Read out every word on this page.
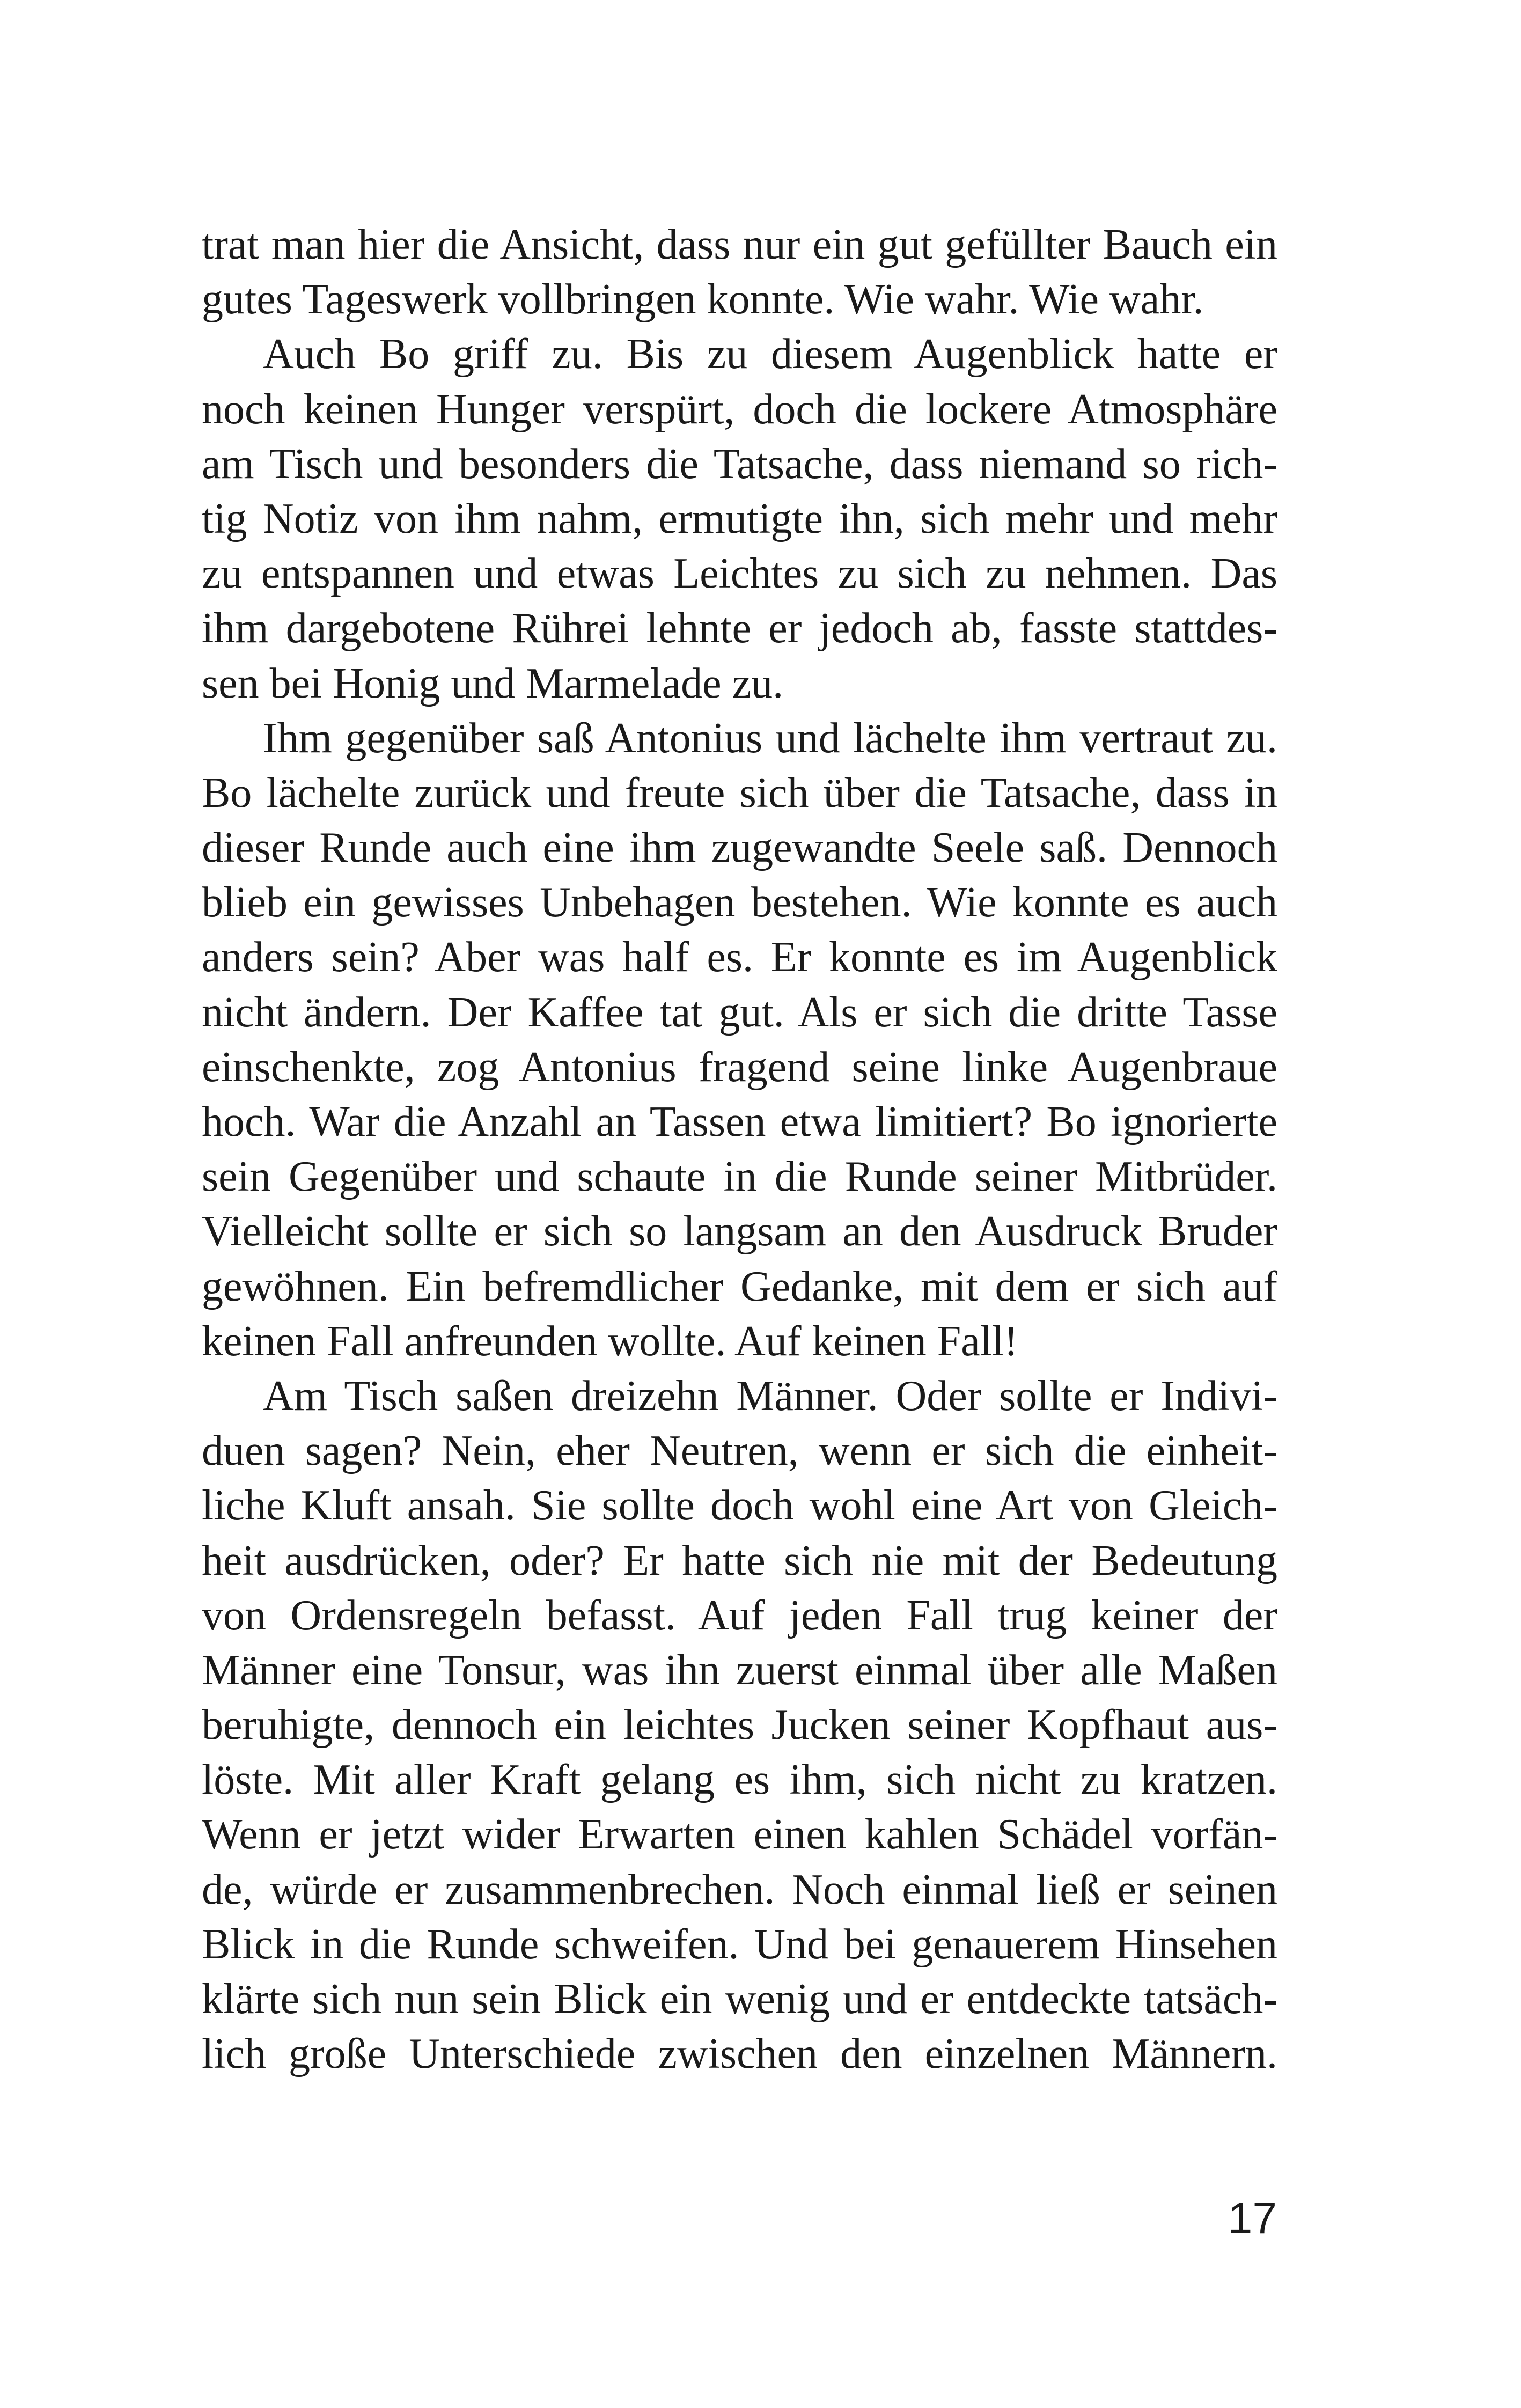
trat man hier die Ansicht, dass nur ein gut gefüllter Bauch ein
gutes Tageswerk vollbringen konnte. Wie wahr. Wie wahr.
Auch Bo griff zu. Bis zu diesem Augenblick hatte er
noch keinen Hunger verspürt, doch die lockere Atmosphäre
am Tisch und besonders die Tatsache, dass niemand so rich-
tig Notiz von ihm nahm, ermutigte ihn, sich mehr und mehr
zu entspannen und etwas Leichtes zu sich zu nehmen. Das
ihm dargebotene Rührei lehnte er jedoch ab, fasste stattdes-
sen bei Honig und Marmelade zu.
Ihm gegenüber saß Antonius und lächelte ihm vertraut zu.
Bo lächelte zurück und freute sich über die Tatsache, dass in
dieser Runde auch eine ihm zugewandte Seele saß. Dennoch
blieb ein gewisses Unbehagen bestehen. Wie konnte es auch
anders sein? Aber was half es. Er konnte es im Augenblick
nicht ändern. Der Kaffee tat gut. Als er sich die dritte Tasse
einschenkte, zog Antonius fragend seine linke Augenbraue
hoch. War die Anzahl an Tassen etwa limitiert? Bo ignorierte
sein Gegenüber und schaute in die Runde seiner Mitbrüder.
Vielleicht sollte er sich so langsam an den Ausdruck Bruder
gewöhnen. Ein befremdlicher Gedanke, mit dem er sich auf
keinen Fall anfreunden wollte. Auf keinen Fall!
Am Tisch saßen dreizehn Männer. Oder sollte er Indivi-
duen sagen? Nein, eher Neutren, wenn er sich die einheit-
liche Kluft ansah. Sie sollte doch wohl eine Art von Gleich-
heit ausdrücken, oder? Er hatte sich nie mit der Bedeutung
von Ordensregeln befasst. Auf jeden Fall trug keiner der
Männer eine Tonsur, was ihn zuerst einmal über alle Maßen
beruhigte, dennoch ein leichtes Jucken seiner Kopfhaut aus-
löste. Mit aller Kraft gelang es ihm, sich nicht zu kratzen.
Wenn er jetzt wider Erwarten einen kahlen Schädel vorfän-
de, würde er zusammenbrechen. Noch einmal ließ er seinen
Blick in die Runde schweifen. Und bei genauerem Hinsehen
klärte sich nun sein Blick ein wenig und er entdeckte tatsäch-
lich große Unterschiede zwischen den einzelnen Männern.
17
